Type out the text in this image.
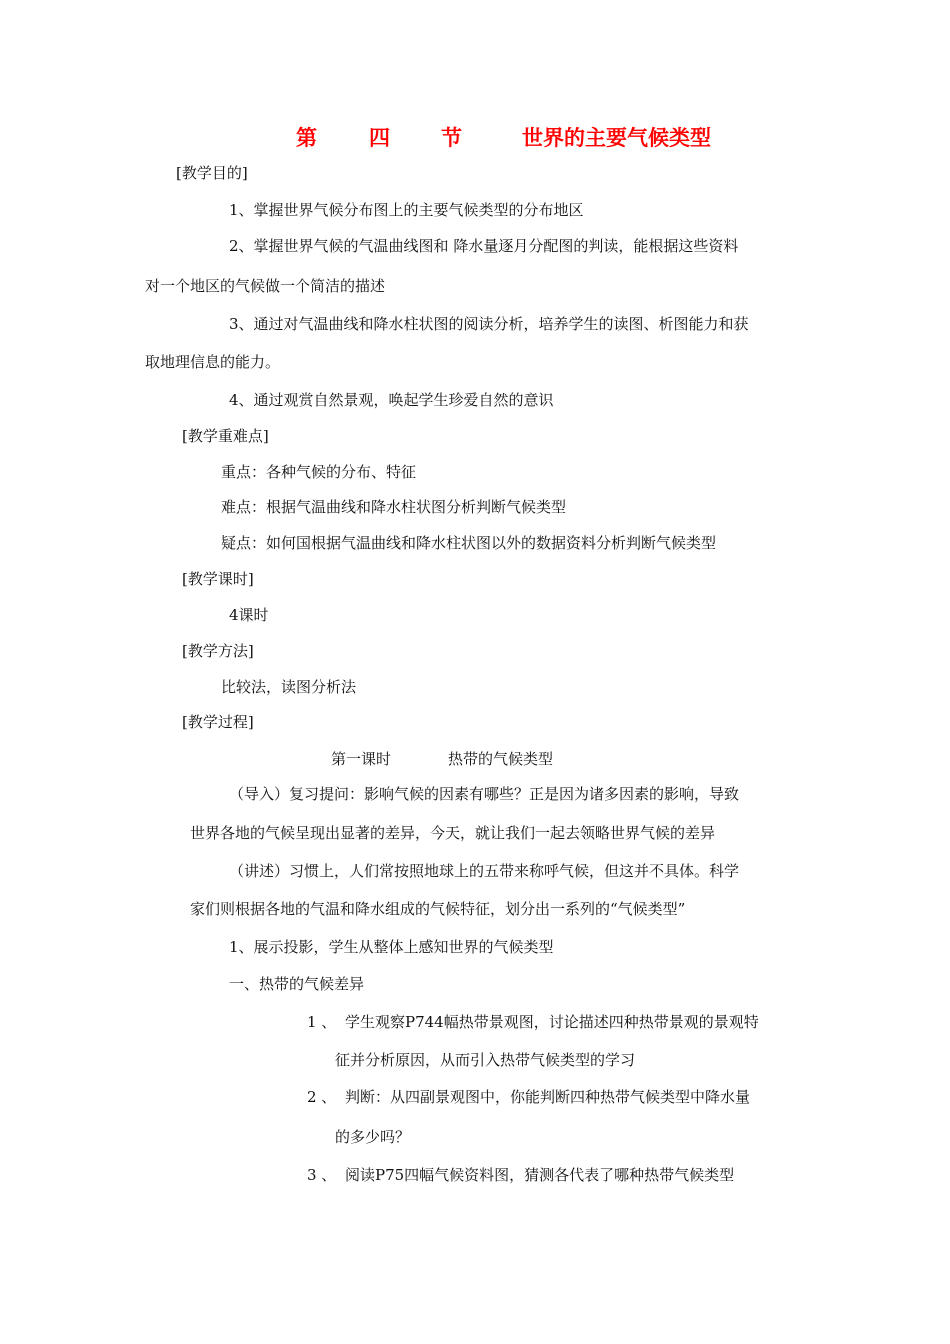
第 四 节	世界的主要气候类型
[教学目的]
1、掌握世界气候分布图上的主要气候类型的分布地区
2、掌握世界气候的气温曲线图和 降水量逐月分配图的判读，能根据这些资料
对一个地区的气候做一个简洁的描述
3、通过对气温曲线和降水柱状图的阅读分析，培养学生的读图、析图能力和获
取地理信息的能力。
4、通过观赏自然景观，唤起学生珍爱自然的意识
[教学重难点]
重点：各种气候的分布、特征
难点：根据气温曲线和降水柱状图分析判断气候类型
疑点：如何国根据气温曲线和降水柱状图以外的数据资料分析判断气候类型
[教学课时]
4课时
[教学方法]
比较法，读图分析法
[教学过程]
第一课时	热带的气候类型
（导入）复习提问：影响气候的因素有哪些？正是因为诸多因素的影响，导致
世界各地的气候呈现出显著的差异，今天，就让我们一起去领略世界气候的差异
（讲述）习惯上，人们常按照地球上的五带来称呼气候，但这并不具体。科学
家们则根据各地的气温和降水组成的气候特征，划分出一系列的“气候类型”
1、展示投影，学生从整体上感知世界的气候类型
一、热带的气候差异
1 、 学生观察P744幅热带景观图，讨论描述四种热带景观的景观特
征并分析原因，从而引入热带气候类型的学习
2 、 判断：从四副景观图中，你能判断四种热带气候类型中降水量
的多少吗？
3 、 阅读P75四幅气候资料图，猜测各代表了哪种热带气候类型
